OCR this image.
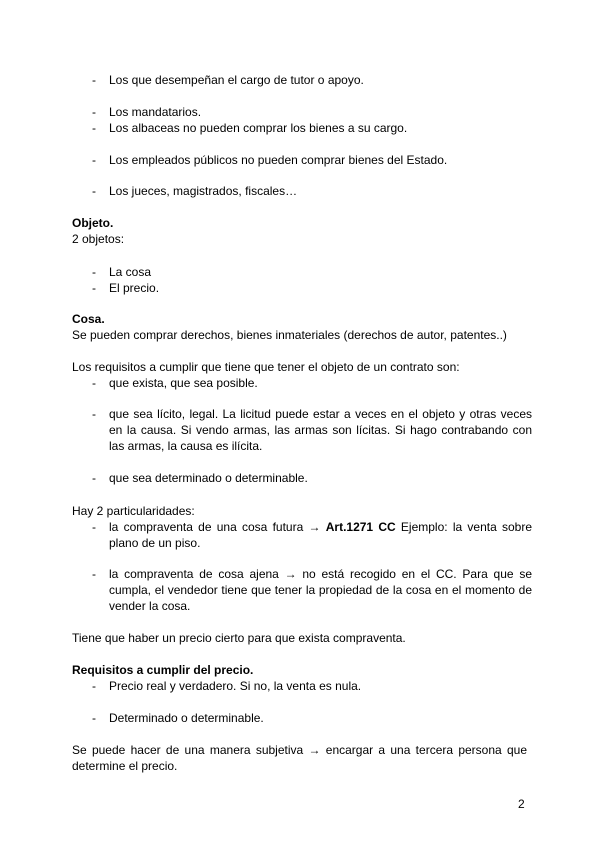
-	Los que desempeñan el cargo de tutor o apoyo.
-	Los mandatarios.
-	Los albaceas no pueden comprar los bienes a su cargo.
-	Los empleados públicos no pueden comprar bienes del Estado.
-	Los jueces, magistrados, fiscales…
Objeto.
2 objetos:
-	La cosa
-	El precio.
Cosa.
Se pueden comprar derechos, bienes inmateriales (derechos de autor, patentes..)
Los requisitos a cumplir que tiene que tener el objeto de un contrato son:
-	que exista, que sea posible.
-	que sea lícito, legal. La licitud puede estar a veces en el objeto y otras veces en la causa. Si vendo armas, las armas son lícitas. Si hago contrabando con las armas, la causa es ilícita.
-	que sea determinado o determinable.
Hay 2 particularidades:
-	la compraventa de una cosa futura → Art.1271 CC Ejemplo: la venta sobre plano de un piso.
-	la compraventa de cosa ajena → no está recogido en el CC. Para que se cumpla, el vendedor tiene que tener la propiedad de la cosa en el momento de vender la cosa.
Tiene que haber un precio cierto para que exista compraventa.
Requisitos a cumplir del precio.
-	Precio real y verdadero. Si no, la venta es nula.
-	Determinado o determinable.
Se puede hacer de una manera subjetiva → encargar a una tercera persona que determine el precio.
2
